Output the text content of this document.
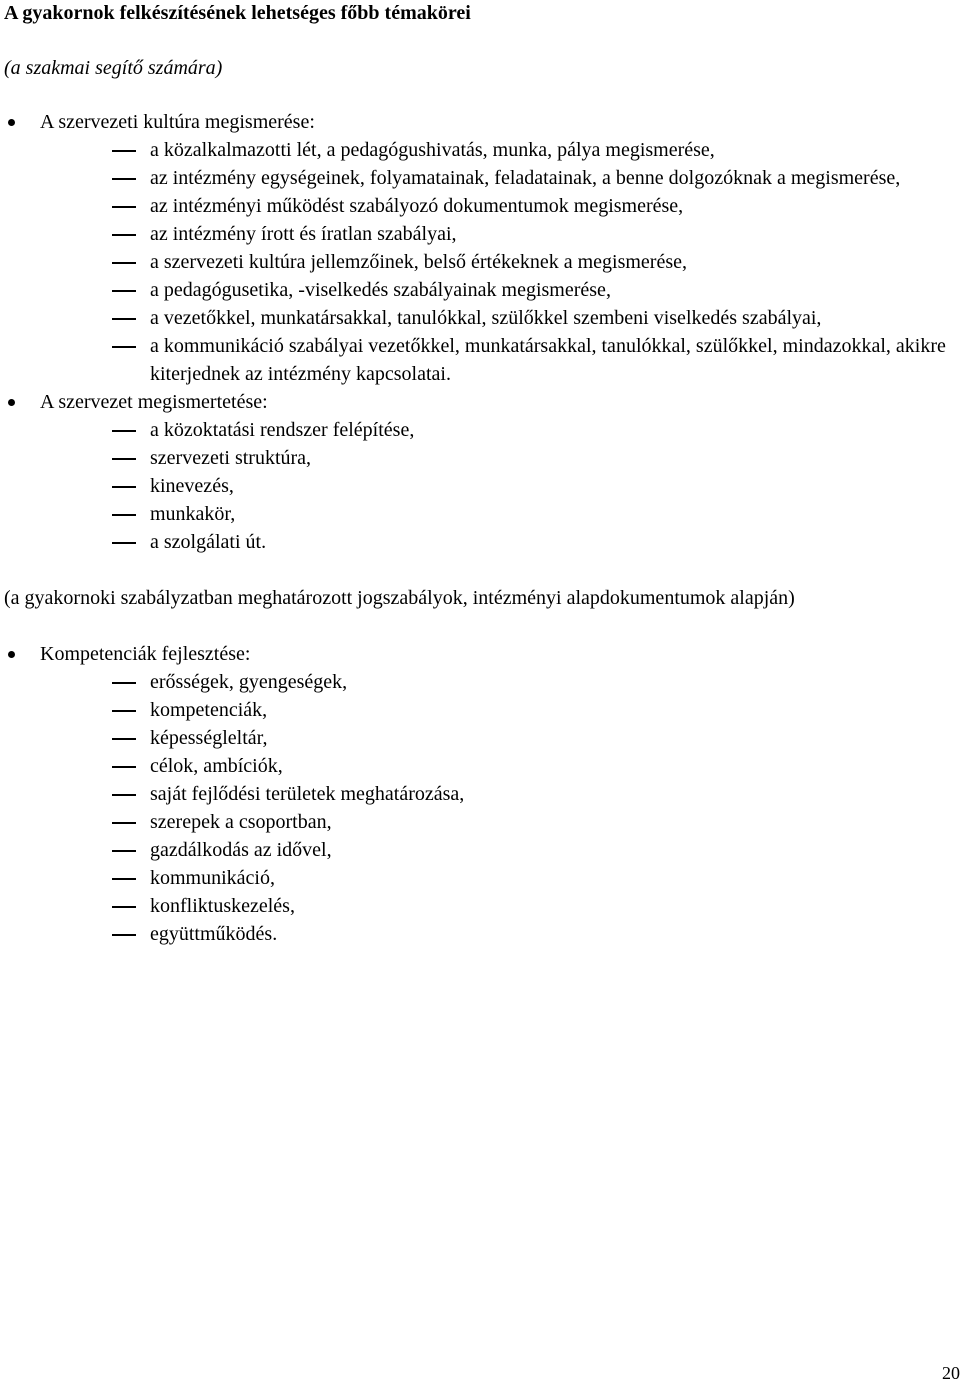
A gyakornok felkészítésének lehetséges főbb témakörei
(a szakmai segítő számára)
A szervezeti kultúra megismerése:
a közalkalmazotti lét, a pedagógushivatás, munka, pálya megismerése,
az intézmény egységeinek, folyamatainak, feladatainak, a benne dolgozóknak a megismerése,
az intézményi működést szabályozó dokumentumok megismerése,
az intézmény írott és íratlan szabályai,
a szervezeti kultúra jellemzőinek, belső értékeknek a megismerése,
a pedagógusetika, -viselkedés szabályainak megismerése,
a vezetőkkel, munkatársakkal, tanulókkal, szülőkkel szembeni viselkedés szabályai,
a kommunikáció szabályai vezetőkkel, munkatársakkal, tanulókkal, szülőkkel, mindazokkal, akikre kiterjednek az intézmény kapcsolatai.
A szervezet megismertetése:
a közoktatási rendszer felépítése,
szervezeti struktúra,
kinevezés,
munkakör,
a szolgálati út.
(a gyakornoki szabályzatban meghatározott jogszabályok, intézményi alapdokumentumok alapján)
Kompetenciák fejlesztése:
erősségek, gyengeségek,
kompetenciák,
képességleltár,
célok, ambíciók,
saját fejlődési területek meghatározása,
szerepek a csoportban,
gazdálkodás az idővel,
kommunikáció,
konfliktuskezelés,
együttműködés.
20
